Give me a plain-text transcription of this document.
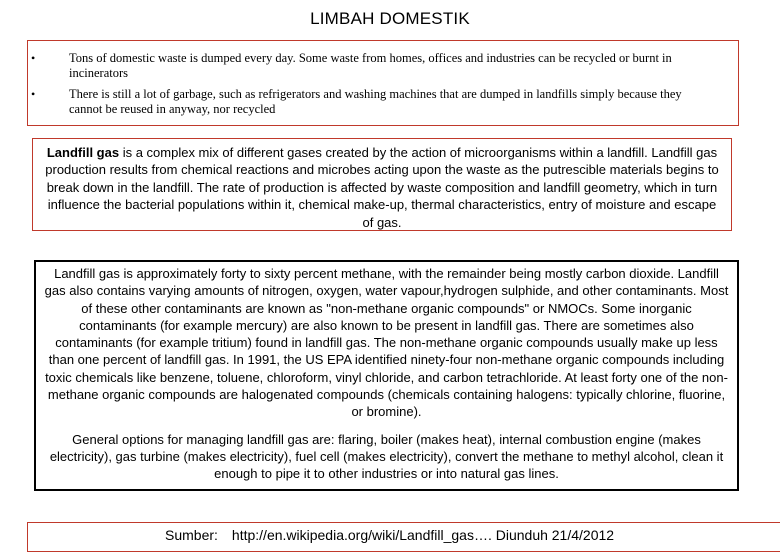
LIMBAH DOMESTIK
•	Tons of domestic waste is dumped every day. Some waste from homes, offices and industries can be recycled or burnt in incinerators
•	There is still a lot of garbage, such as refrigerators and washing machines that are dumped in landfills simply because they cannot be reused in anyway, nor recycled
Landfill gas is a complex mix of different gases created by the action of microorganisms within a landfill. Landfill gas production results from chemical reactions and microbes acting upon the waste as the putrescible materials begins to break down in the landfill. The rate of production is affected by waste composition and landfill geometry, which in turn influence the bacterial populations within it, chemical make-up, thermal characteristics, entry of moisture and escape of gas.
Landfill gas is approximately forty to sixty percent methane, with the remainder being mostly carbon dioxide. Landfill gas also contains varying amounts of nitrogen, oxygen, water vapour,hydrogen sulphide, and other contaminants. Most of these other contaminants are known as "non-methane organic compounds" or NMOCs. Some inorganic contaminants (for example mercury) are also known to be present in landfill gas. There are sometimes also contaminants (for example tritium) found in landfill gas. The non-methane organic compounds usually make up less than one percent of landfill gas. In 1991, the US EPA identified ninety-four non-methane organic compounds including toxic chemicals like benzene, toluene, chloroform, vinyl chloride, and carbon tetrachloride. At least forty one of the non-methane organic compounds are halogenated compounds (chemicals containing halogens: typically chlorine, fluorine, or bromine).
General options for managing landfill gas are: flaring, boiler (makes heat), internal combustion engine (makes electricity), gas turbine (makes electricity), fuel cell (makes electricity), convert the methane to methyl alcohol, clean it enough to pipe it to other industries or into natural gas lines.
Sumber: http://en.wikipedia.org/wiki/Landfill_gas…. Diunduh 21/4/2012
